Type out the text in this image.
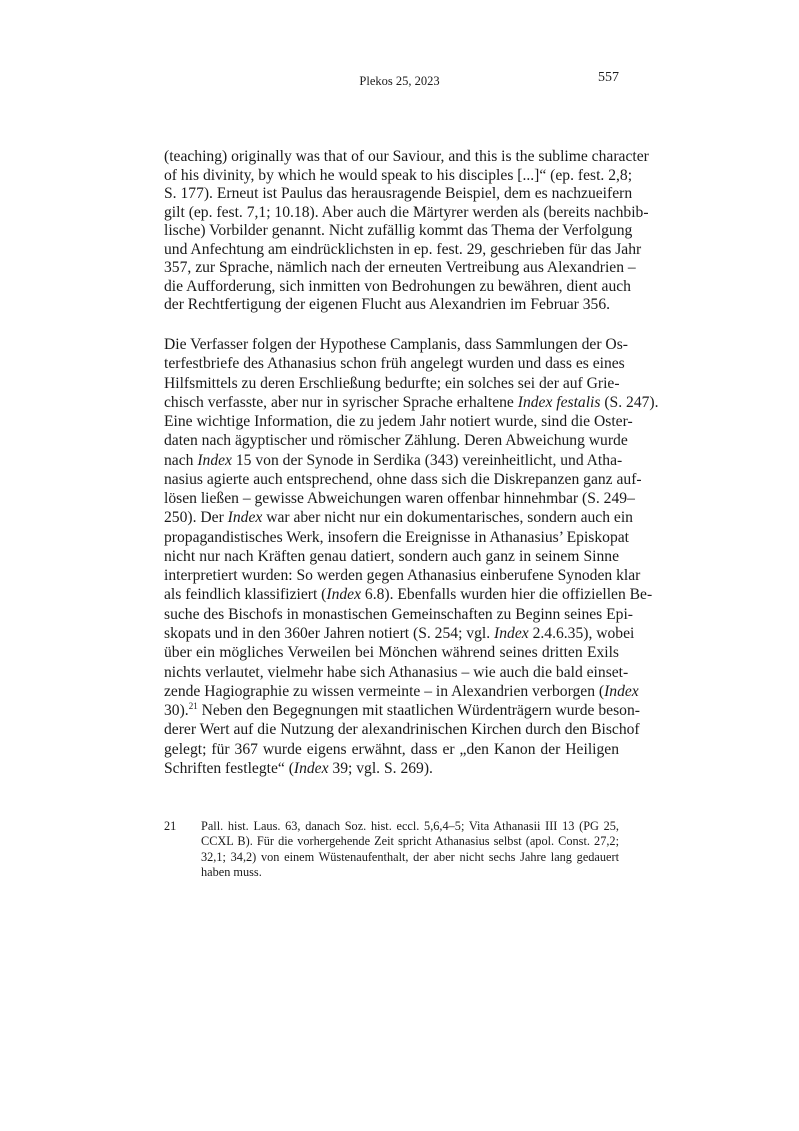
Plekos 25, 2023	557
(teaching) originally was that of our Saviour, and this is the sublime character
of his divinity, by which he would speak to his disciples [...]“ (ep. fest. 2,8;
S. 177). Erneut ist Paulus das herausragende Beispiel, dem es nachzueifern
gilt (ep. fest. 7,1; 10.18). Aber auch die Märtyrer werden als (bereits nachbib-
lische) Vorbilder genannt. Nicht zufällig kommt das Thema der Verfolgung
und Anfechtung am eindrücklichsten in ep. fest. 29, geschrieben für das Jahr
357, zur Sprache, nämlich nach der erneuten Vertreibung aus Alexandrien –
die Aufforderung, sich inmitten von Bedrohungen zu bewähren, dient auch
der Rechtfertigung der eigenen Flucht aus Alexandrien im Februar 356.
Die Verfasser folgen der Hypothese Camplanis, dass Sammlungen der Os-
terfestbriefe des Athanasius schon früh angelegt wurden und dass es eines
Hilfsmittels zu deren Erschließung bedurfte; ein solches sei der auf Grie-
chisch verfasste, aber nur in syrischer Sprache erhaltene Index festalis (S. 247).
Eine wichtige Information, die zu jedem Jahr notiert wurde, sind die Oster-
daten nach ägyptischer und römischer Zählung. Deren Abweichung wurde
nach Index 15 von der Synode in Serdika (343) vereinheitlicht, und Atha-
nasius agierte auch entsprechend, ohne dass sich die Diskrepanzen ganz auf-
lösen ließen – gewisse Abweichungen waren offenbar hinnehmbar (S. 249–
250). Der Index war aber nicht nur ein dokumentarisches, sondern auch ein
propagandistisches Werk, insofern die Ereignisse in Athanasius’ Episkopat
nicht nur nach Kräften genau datiert, sondern auch ganz in seinem Sinne
interpretiert wurden: So werden gegen Athanasius einberufene Synoden klar
als feindlich klassifiziert (Index 6.8). Ebenfalls wurden hier die offiziellen Be-
suche des Bischofs in monastischen Gemeinschaften zu Beginn seines Epi-
skopats und in den 360er Jahren notiert (S. 254; vgl. Index 2.4.6.35), wobei
über ein mögliches Verweilen bei Mönchen während seines dritten Exils
nichts verlautet, vielmehr habe sich Athanasius – wie auch die bald einset-
zende Hagiographie zu wissen vermeinte – in Alexandrien verborgen (Index
30).$^{21}$ Neben den Begegnungen mit staatlichen Würdenträgern wurde beson-
derer Wert auf die Nutzung der alexandrinischen Kirchen durch den Bischof
gelegt; für 367 wurde eigens erwähnt, dass er „den Kanon der Heiligen
Schriften festlegte“ (Index 39; vgl. S. 269).
21 Pall. hist. Laus. 63, danach Soz. hist. eccl. 5,6,4–5; Vita Athanasii III 13 (PG 25,
CCXL B). Für die vorhergehende Zeit spricht Athanasius selbst (apol. Const. 27,2;
32,1; 34,2) von einem Wüstenaufenthalt, der aber nicht sechs Jahre lang gedauert
haben muss.
